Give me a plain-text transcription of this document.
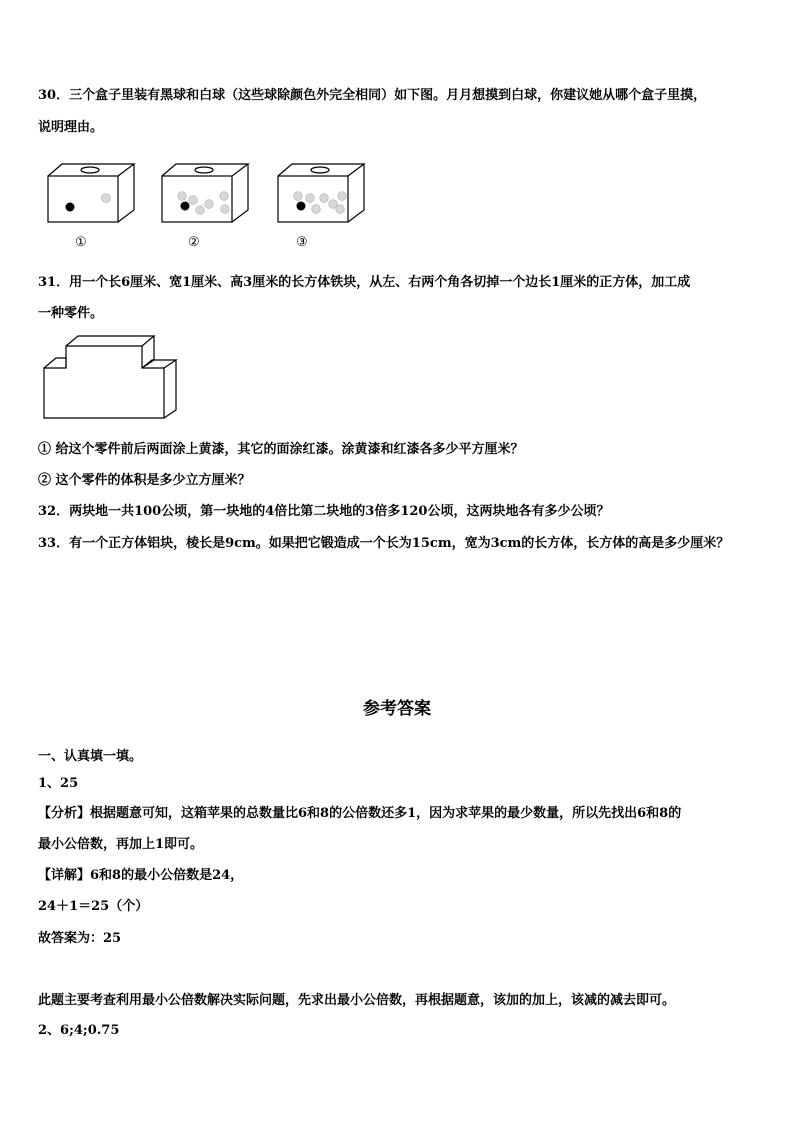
30．三个盒子里装有黑球和白球（这些球除颜色外完全相同）如下图。月月想摸到白球，你建议她从哪个盒子里摸，
说明理由。
①	②	③
31．用一个长6厘米、宽1厘米、高3厘米的长方体铁块，从左、右两个角各切掉一个边长1厘米的正方体，加工成
一种零件。
① 给这个零件前后两面涂上黄漆，其它的面涂红漆。涂黄漆和红漆各多少平方厘米？
② 这个零件的体积是多少立方厘米？
32．两块地一共100公顷，第一块地的4倍比第二块地的3倍多120公顷，这两块地各有多少公顷？
33．有一个正方体铝块，棱长是9cm。如果把它锻造成一个长为15cm，宽为3cm的长方体，长方体的高是多少厘米？
参考答案
一、认真填一填。
1、25
【分析】根据题意可知，这箱苹果的总数量比6和8的公倍数还多1，因为求苹果的最少数量，所以先找出6和8的
最小公倍数，再加上1即可。
【详解】6和8的最小公倍数是24，
24＋1＝25（个）
故答案为：25
此题主要考查利用最小公倍数解决实际问题，先求出最小公倍数，再根据题意，该加的加上，该减的减去即可。
2、6;4;0.75
